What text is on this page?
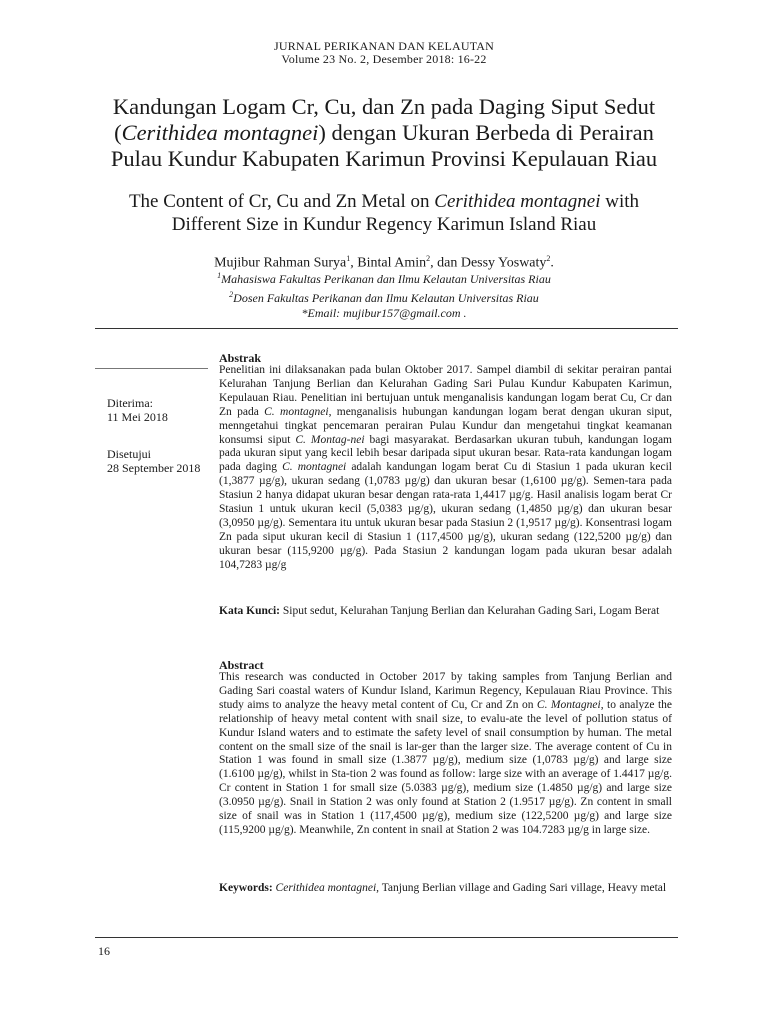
JURNAL PERIKANAN DAN KELAUTAN
Volume 23 No. 2, Desember 2018: 16-22
Kandungan Logam Cr, Cu, dan Zn pada Daging Siput Sedut
(Cerithidea montagnei) dengan Ukuran Berbeda di Perairan
Pulau Kundur Kabupaten Karimun Provinsi Kepulauan Riau
The Content of Cr, Cu and Zn Metal on Cerithidea montagnei with
Different Size in Kundur Regency Karimun Island Riau
Mujibur Rahman Surya$^1$, Bintal Amin$^2$, dan Dessy Yoswaty$^2$.
$^1$Mahasiswa Fakultas Perikanan dan Ilmu Kelautan Universitas Riau
$^2$Dosen Fakultas Perikanan dan Ilmu Kelautan Universitas Riau
*Email: mujibur157@gmail.com .
Diterima:
11 Mei 2018
Disetujui
28 September 2018
Abstrak
Penelitian ini dilaksanakan pada bulan Oktober 2017. Sampel diambil di sekitar perairan pantai Kelurahan Tanjung Berlian dan Kelurahan Gading Sari Pulau Kundur Kabupaten Karimun, Kepulauan Riau. Penelitian ini bertujuan untuk menganalisis kandungan logam berat Cu, Cr dan Zn pada C. montagnei, menganalisis hubungan kandungan logam berat dengan ukuran siput, menngetahui tingkat pencemaran perairan Pulau Kundur dan mengetahui tingkat keamanan konsumsi siput C. Montag-nei bagi masyarakat. Berdasarkan ukuran tubuh, kandungan logam pada ukuran siput yang kecil lebih besar daripada siput ukuran besar. Rata-rata kandungan logam pada daging C. montagnei adalah kandungan logam berat Cu di Stasiun 1 pada ukuran kecil (1,3877 µg/g), ukuran sedang (1,0783 µg/g) dan ukuran besar (1,6100 µg/g). Semen-tara pada Stasiun 2 hanya didapat ukuran besar dengan rata-rata 1,4417 µg/g. Hasil analisis logam berat Cr Stasiun 1 untuk ukuran kecil (5,0383 µg/g), ukuran sedang (1,4850 µg/g) dan ukuran besar (3,0950 µg/g). Sementara itu untuk ukuran besar pada Stasiun 2 (1,9517 µg/g). Konsentrasi logam Zn pada siput ukuran kecil di Stasiun 1 (117,4500 µg/g), ukuran sedang (122,5200 µg/g) dan ukuran besar (115,9200 µg/g). Pada Stasiun 2 kandungan logam pada ukuran besar adalah 104,7283 µg/g
Kata Kunci: Siput sedut, Kelurahan Tanjung Berlian dan Kelurahan Gading Sari, Logam Berat
Abstract
This research was conducted in October 2017 by taking samples from Tanjung Berlian and Gading Sari coastal waters of Kundur Island, Karimun Regency, Kepulauan Riau Province. This study aims to analyze the heavy metal content of Cu, Cr and Zn on C. Montagnei, to analyze the relationship of heavy metal content with snail size, to evalu-ate the level of pollution status of Kundur Island waters and to estimate the safety level of snail consumption by human. The metal content on the small size of the snail is lar-ger than the larger size. The average content of Cu in Station 1 was found in small size (1.3877 µg/g), medium size (1,0783 µg/g) and large size (1.6100 µg/g), whilst in Sta-tion 2 was found as follow: large size with an average of 1.4417 µg/g. Cr content in Station 1 for small size (5.0383 µg/g), medium size (1.4850 µg/g) and large size (3.0950 µg/g). Snail in Station 2 was only found at Station 2 (1.9517 µg/g). Zn content in small size of snail was in Station 1 (117,4500 µg/g), medium size (122,5200 µg/g) and large size (115,9200 µg/g). Meanwhile, Zn content in snail at Station 2 was 104.7283 µg/g in large size.
Keywords: Cerithidea montagnei, Tanjung Berlian village and Gading Sari village, Heavy metal
16
